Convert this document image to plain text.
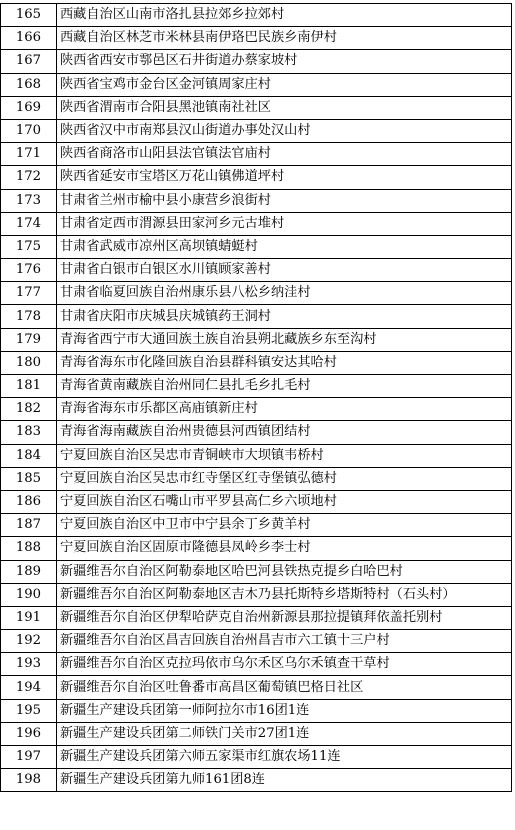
165	西藏自治区山南市洛扎县拉郊乡拉郊村
166	西藏自治区林芝市米林县南伊珞巴民族乡南伊村
167	陕西省西安市鄠邑区石井街道办蔡家坡村
168	陕西省宝鸡市金台区金河镇周家庄村
169	陕西省渭南市合阳县黑池镇南社社区
170	陕西省汉中市南郑县汉山街道办事处汉山村
171	陕西省商洛市山阳县法官镇法官庙村
172	陕西省延安市宝塔区万花山镇佛道坪村
173	甘肃省兰州市榆中县小康营乡浪街村
174	甘肃省定西市渭源县田家河乡元古堆村
175	甘肃省武威市凉州区高坝镇蜻蜓村
176	甘肃省白银市白银区水川镇顾家善村
177	甘肃省临夏回族自治州康乐县八松乡纳洼村
178	甘肃省庆阳市庆城县庆城镇药王洞村
179	青海省西宁市大通回族土族自治县朔北藏族乡东至沟村
180	青海省海东市化隆回族自治县群科镇安达其哈村
181	青海省黄南藏族自治州同仁县扎毛乡扎毛村
182	青海省海东市乐都区高庙镇新庄村
183	青海省海南藏族自治州贵德县河西镇团结村
184	宁夏回族自治区吴忠市青铜峡市大坝镇韦桥村
185	宁夏回族自治区吴忠市红寺堡区红寺堡镇弘德村
186	宁夏回族自治区石嘴山市平罗县高仁乡六顷地村
187	宁夏回族自治区中卫市中宁县余丁乡黄羊村
188	宁夏回族自治区固原市隆德县凤岭乡李士村
189	新疆维吾尔自治区阿勒泰地区哈巴河县铁热克提乡白哈巴村
190	新疆维吾尔自治区阿勒泰地区吉木乃县托斯特乡塔斯特村（石头村）
191	新疆维吾尔自治区伊犁哈萨克自治州新源县那拉提镇拜依盖托别村
192	新疆维吾尔自治区昌吉回族自治州昌吉市六工镇十三户村
193	新疆维吾尔自治区克拉玛依市乌尔禾区乌尔禾镇查干草村
194	新疆维吾尔自治区吐鲁番市高昌区葡萄镇巴格日社区
195	新疆生产建设兵团第一师阿拉尔市16团1连
196	新疆生产建设兵团第二师铁门关市27团1连
197	新疆生产建设兵团第六师五家渠市红旗农场11连
198	新疆生产建设兵团第九师161团8连
